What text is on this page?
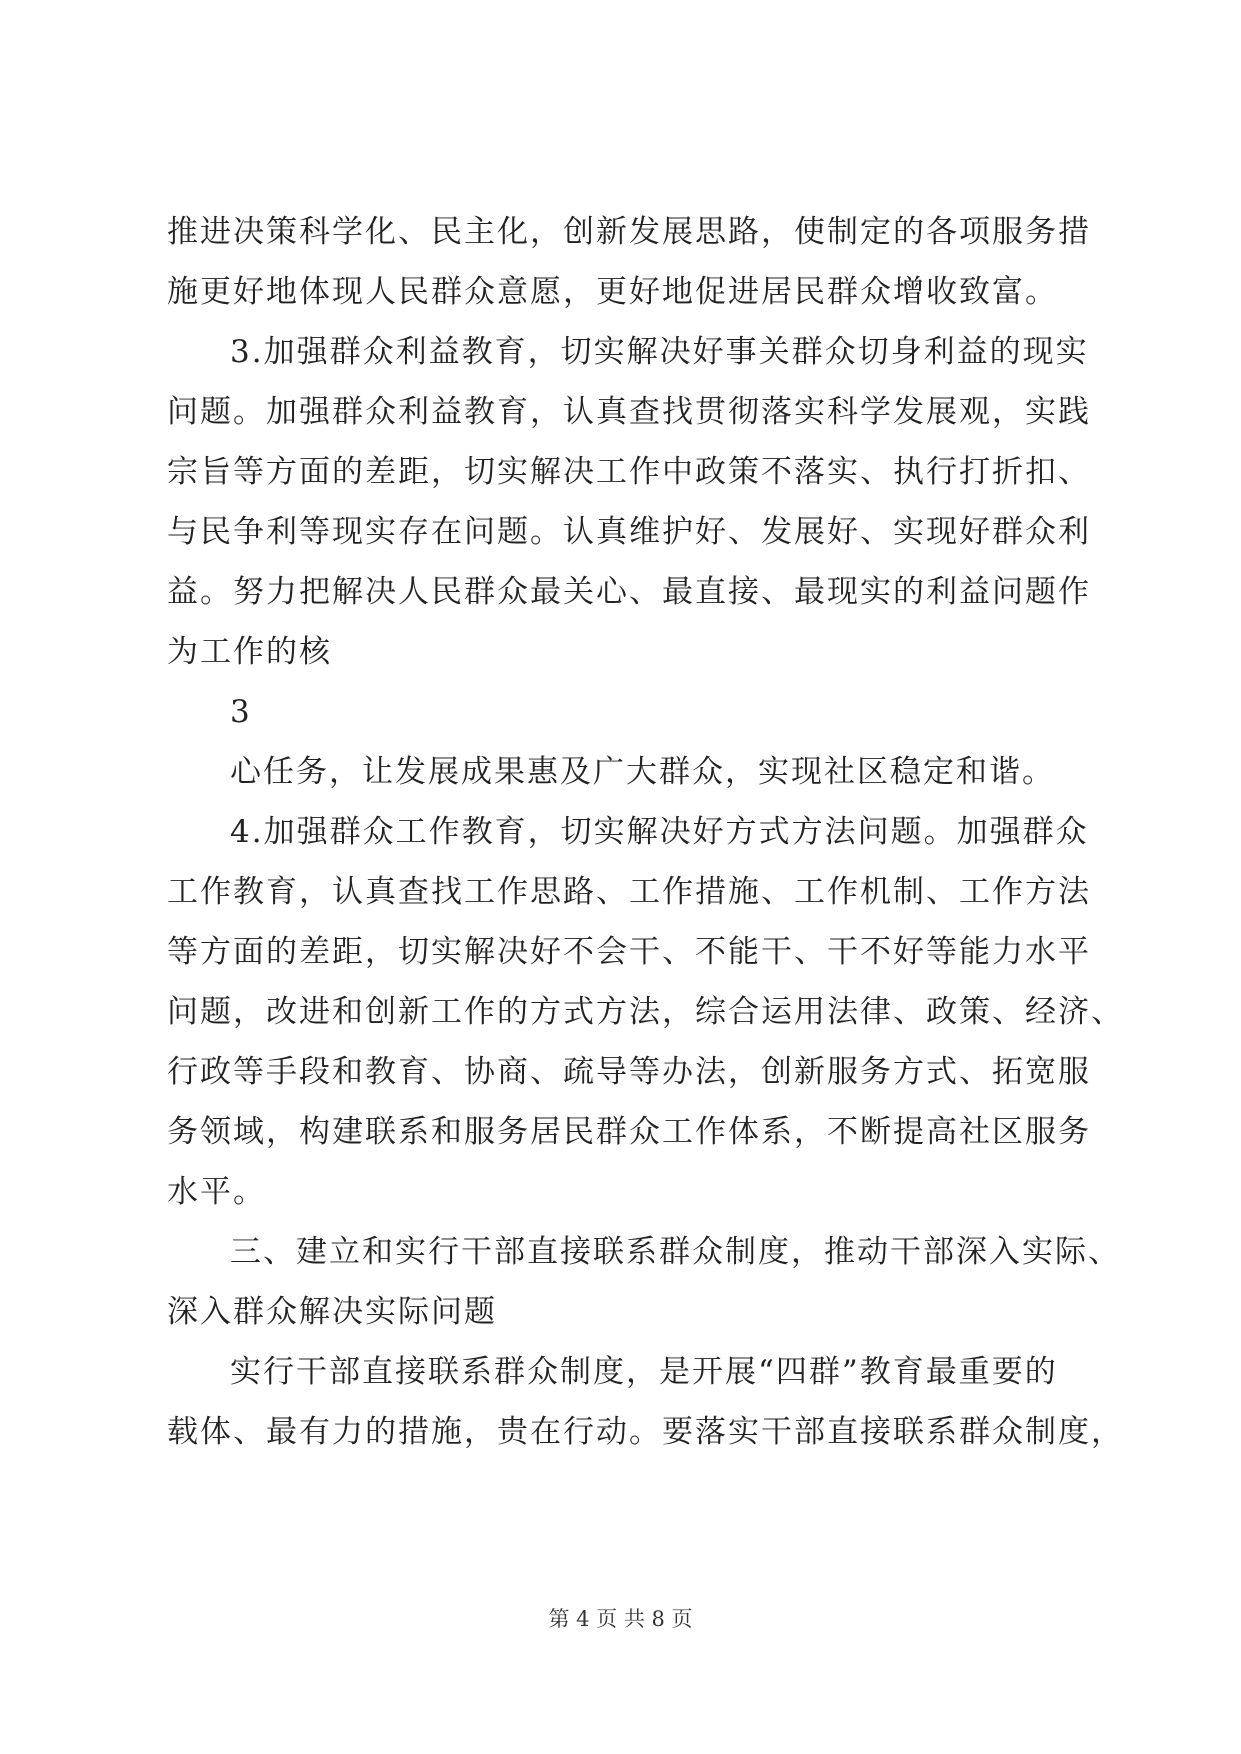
推进决策科学化、民主化，创新发展思路，使制定的各项服务措
施更好地体现人民群众意愿，更好地促进居民群众增收致富。
3.加强群众利益教育，切实解决好事关群众切身利益的现实
问题。加强群众利益教育，认真查找贯彻落实科学发展观，实践
宗旨等方面的差距，切实解决工作中政策不落实、执行打折扣、
与民争利等现实存在问题。认真维护好、发展好、实现好群众利
益。努力把解决人民群众最关心、最直接、最现实的利益问题作
为工作的核
3
心任务，让发展成果惠及广大群众，实现社区稳定和谐。
4.加强群众工作教育，切实解决好方式方法问题。加强群众
工作教育，认真查找工作思路、工作措施、工作机制、工作方法
等方面的差距，切实解决好不会干、不能干、干不好等能力水平
问题，改进和创新工作的方式方法，综合运用法律、政策、经济、
行政等手段和教育、协商、疏导等办法，创新服务方式、拓宽服
务领域，构建联系和服务居民群众工作体系，不断提高社区服务
水平。
三、建立和实行干部直接联系群众制度，推动干部深入实际、
深入群众解决实际问题
实行干部直接联系群众制度，是开展“四群”教育最重要的
载体、最有力的措施，贵在行动。要落实干部直接联系群众制度，
第 4 页 共 8 页
